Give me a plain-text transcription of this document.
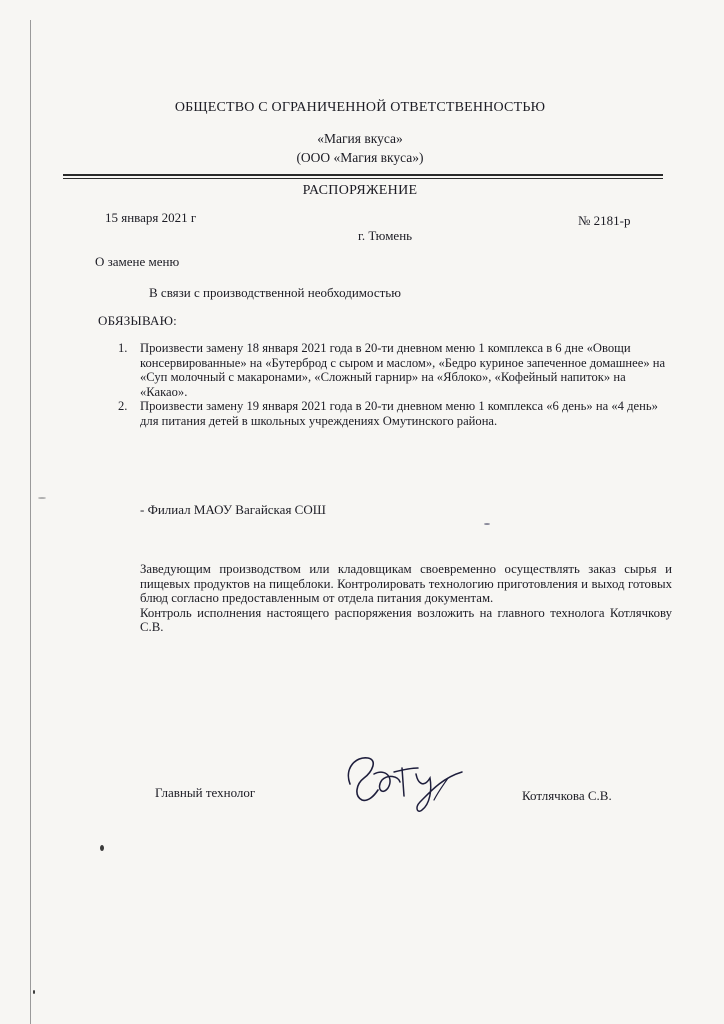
ОБЩЕСТВО С ОГРАНИЧЕННОЙ ОТВЕТСТВЕННОСТЬЮ
«Магия вкуса»
(ООО «Магия вкуса»)
РАСПОРЯЖЕНИЕ
15 января 2021 г	№ 2181-р
г. Тюмень
О замене меню
В связи с производственной необходимостью
ОБЯЗЫВАЮ:
1. Произвести замену 18 января 2021 года в 20-ти дневном меню 1 комплекса в 6 дне «Овощи консервированные» на «Бутерброд с сыром и маслом», «Бедро куриное запеченное домашнее» на «Суп молочный с макаронами», «Сложный гарнир» на «Яблоко», «Кофейный напиток» на «Какао».
2. Произвести замену 19 января 2021 года в 20-ти дневном меню 1 комплекса «6 день» на «4 день» для питания детей в школьных учреждениях Омутинского района.
- Филиал МАОУ Вагайская СОШ

Заведующим производством или кладовщикам своевременно осуществлять заказ сырья и пищевых продуктов на пищеблоки. Контролировать технологию приготовления и выход готовых блюд согласно предоставленным от отдела питания документам.

Контроль исполнения настоящего распоряжения возложить на главного технолога Котлячкову С.В.

Главный технолог	Котлячкова С.В.
